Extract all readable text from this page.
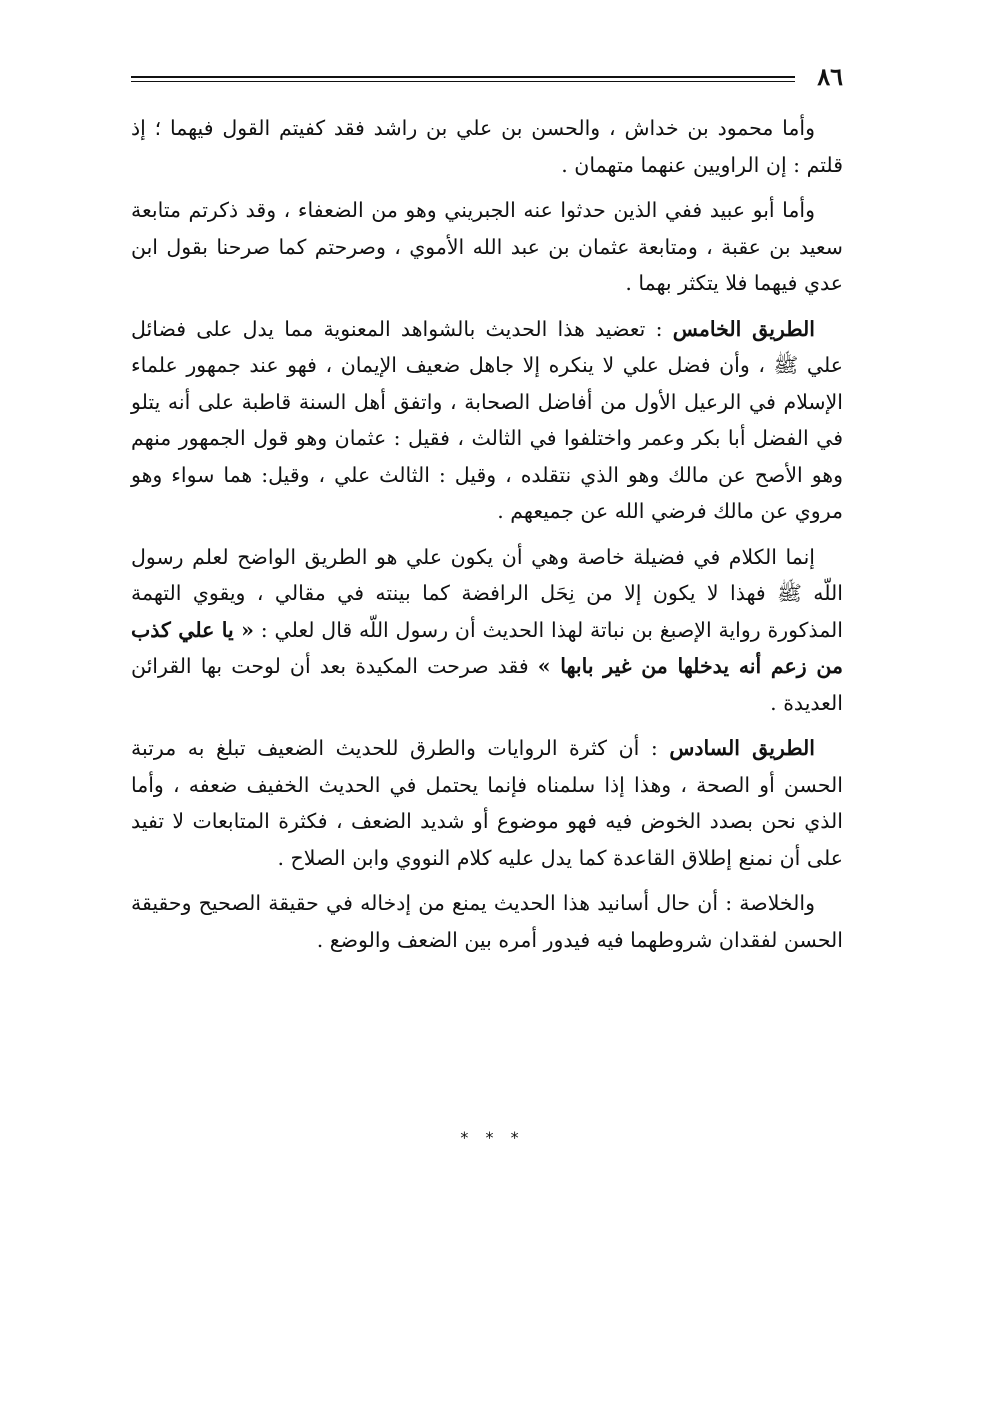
٨٦

وأما محمود بن خداش ، والحسن بن علي بن راشد فقد كفيتم القول فيهما ؛ إذ قلتم : إن الراويين عنهما متهمان .

وأما أبو عبيد ففي الذين حدثوا عنه الجبريني وهو من الضعفاء ، وقد ذكرتم متابعة سعيد بن عقبة ، ومتابعة عثمان بن عبد الله الأموي ، وصرحتم كما صرحنا بقول ابن عدي فيهما فلا يتكثر بهما .

الطريق الخامس : تعضيد هذا الحديث بالشواهد المعنوية مما يدل على فضائل علي ﷺ ، وأن فضل علي لا ينكره إلا جاهل ضعيف الإيمان ، فهو عند جمهور علماء الإسلام في الرعيل الأول من أفاضل الصحابة ، واتفق أهل السنة قاطبة على أنه يتلو في الفضل أبا بكر وعمر واختلفوا في الثالث ، فقيل : عثمان وهو قول الجمهور منهم وهو الأصح عن مالك وهو الذي نتقلده ، وقيل : الثالث علي ، وقيل: هما سواء وهو مروي عن مالك فرضي الله عن جميعهم .

إنما الكلام في فضيلة خاصة وهي أن يكون علي هو الطريق الواضح لعلم رسول اللّه ﷺ فهذا لا يكون إلا من نِحَل الرافضة كما بينته في مقالي ، ويقوي التهمة المذكورة رواية الإصبغ بن نباتة لهذا الحديث أن رسول اللّه قال لعلي : « يا علي كذب من زعم أنه يدخلها من غير بابها » فقد صرحت المكيدة بعد أن لوحت بها القرائن العديدة .

الطريق السادس : أن كثرة الروايات والطرق للحديث الضعيف تبلغ به مرتبة الحسن أو الصحة ، وهذا إذا سلمناه فإنما يحتمل في الحديث الخفيف ضعفه ، وأما الذي نحن بصدد الخوض فيه فهو موضوع أو شديد الضعف ، فكثرة المتابعات لا تفيد على أن نمنع إطلاق القاعدة كما يدل عليه كلام النووي وابن الصلاح .

والخلاصة : أن حال أسانيد هذا الحديث يمنع من إدخاله في حقيقة الصحيح وحقيقة الحسن لفقدان شروطهما فيه فيدور أمره بين الضعف والوضع .

* * *
